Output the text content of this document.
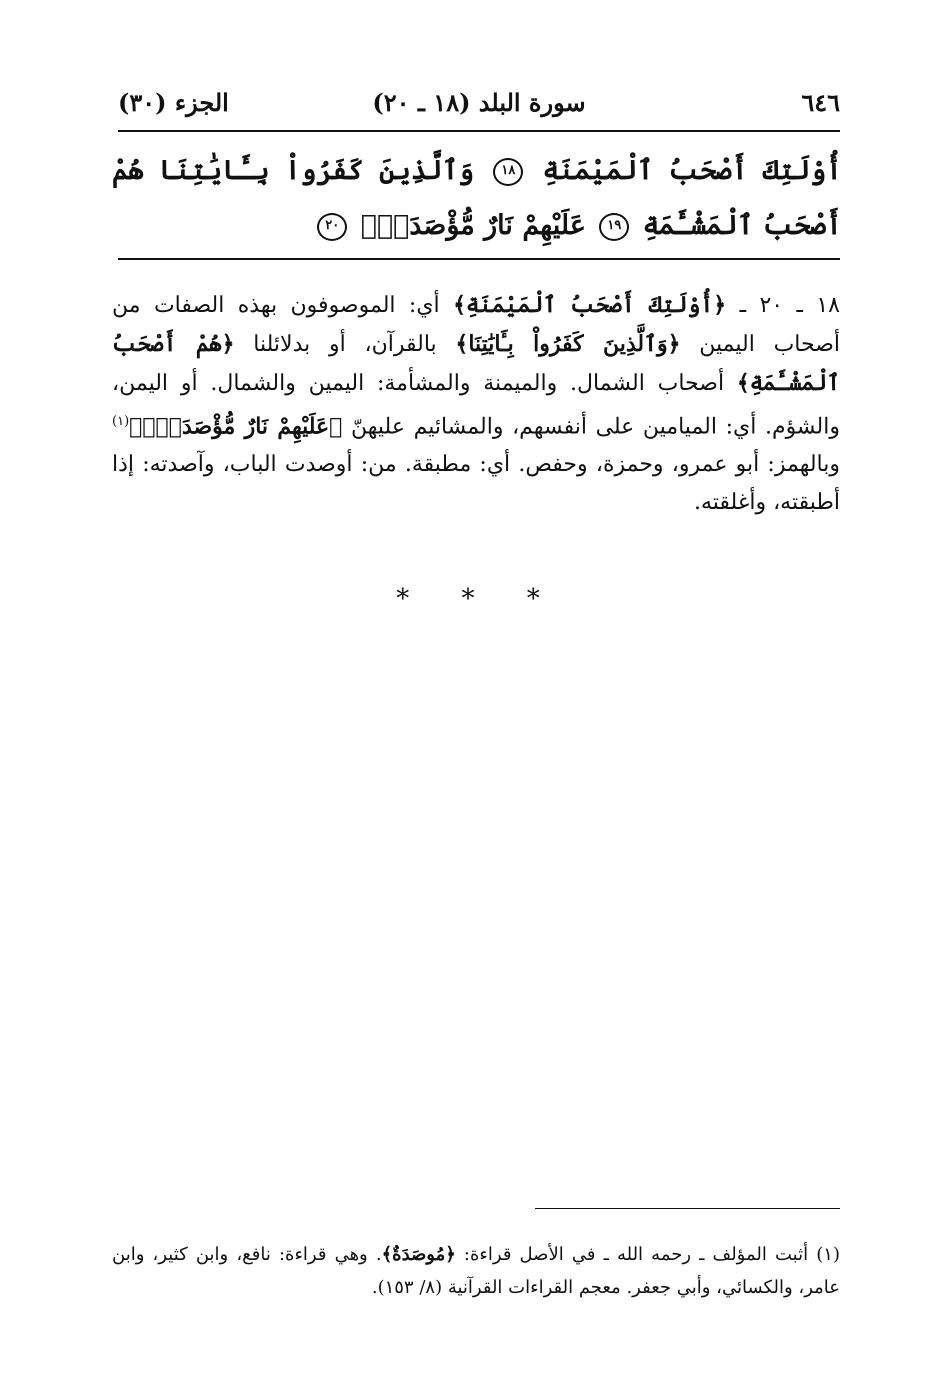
٦٤٦
سورة البلد (١٨ ـ ٢٠)
الجزء (٣٠)
أُوْلَتِكَ أَصْحَبُ ٱلْمَيْمَنَةِ ١٨ وَٱلَّذِينَ كَفَرُواْ بِـَٔايَٰتِنَا هُمْ أَصْحَبُ ٱلْمَشْـَٔمَةِ ١٩ عَلَيْهِمْ نَارٌ مُّؤْصَدَةٌۢ ٢٠

١٨ ـ ٢٠ ـ ﴿أُوْلَتِكَ أَصْحَبُ ٱلْمَيْمَنَةِ﴾ أي: الموصوفون بهذه الصفات من أصحاب اليمين ﴿وَٱلَّذِينَ كَفَرُواْ بِـَٔايَٰتِنَا﴾ بالقرآن، أو بدلائلنا ﴿هُمْ أَصْحَبُ ٱلْمَشْـَٔمَةِ﴾ أصحاب الشمال. والميمنة والمشأمة: اليمين والشمال. أو اليمن، والشؤم. أي: الميامين على أنفسهم، والمشائيم عليهنّ ﴿عَلَيْهِمْ نَارٌ مُّؤْصَدَةٌۢ﴾$^{(١)}$ وبالهمز: أبو عمرو، وحمزة، وحفص. أي: مطبقة. من: أوصدت الباب، وآصدته: إذا أطبقته، وأغلقته.

* * *

(١) أثبت المؤلف ـ رحمه الله ـ في الأصل قراءة: ﴿مُوصَدَةٌ﴾. وهي قراءة: نافع، وابن كثير، وابن عامر، والكسائي، وأبي جعفر. معجم القراءات القرآنية (٨/ ١٥٣).
